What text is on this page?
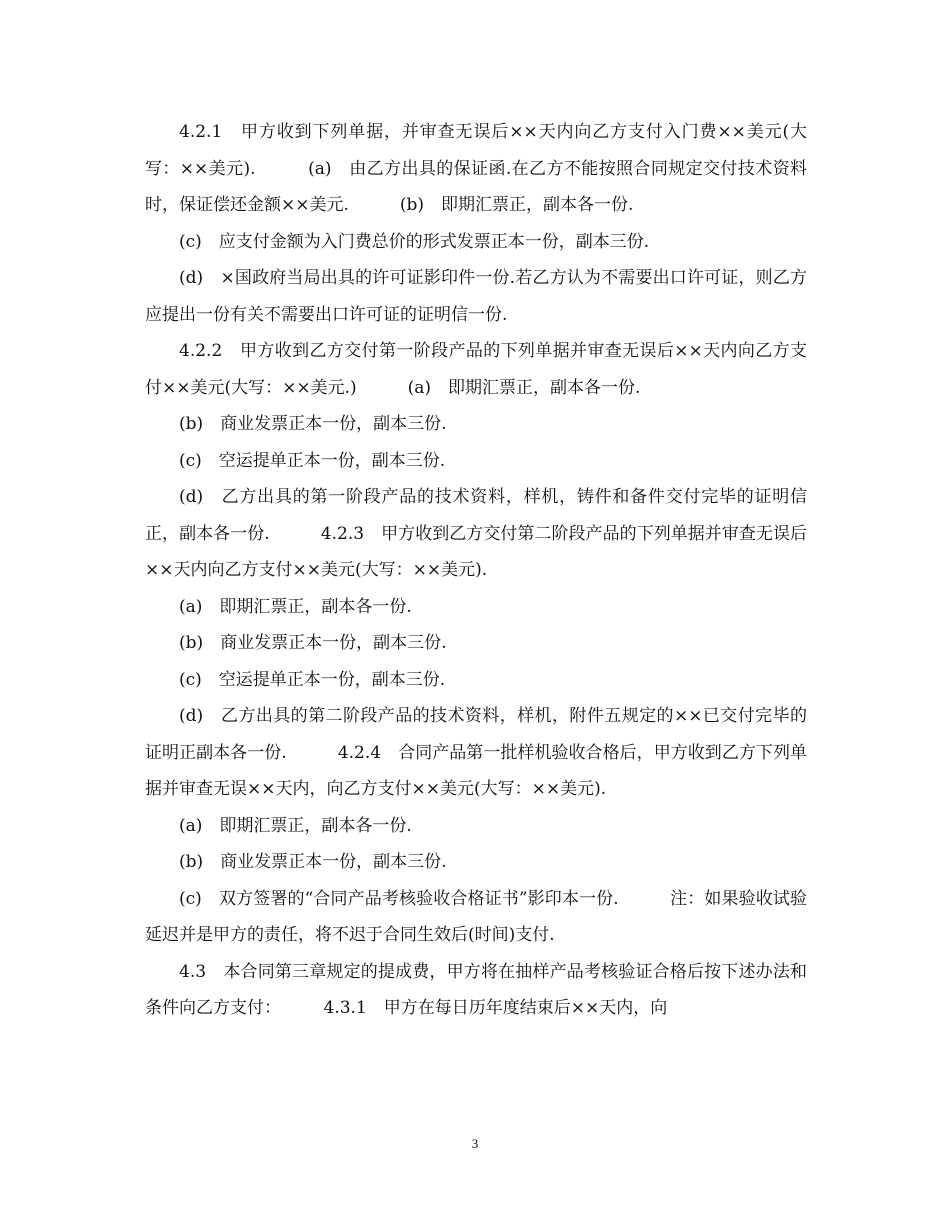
4.2.1　甲方收到下列单据，并审查无误后××天内向乙方支付入门费××美元(大写：××美元).　　　(a)　由乙方出具的保证函.在乙方不能按照合同规定交付技术资料时，保证偿还金额××美元.　　　(b)　即期汇票正，副本各一份.

(c)　应支付金额为入门费总价的形式发票正本一份，副本三份.

(d)　×国政府当局出具的许可证影印件一份.若乙方认为不需要出口许可证，则乙方应提出一份有关不需要出口许可证的证明信一份.

4.2.2　甲方收到乙方交付第一阶段产品的下列单据并审查无误后××天内向乙方支付××美元(大写：××美元.)　　　(a)　即期汇票正，副本各一份.

(b)　商业发票正本一份，副本三份.

(c)　空运提单正本一份，副本三份.

(d)　乙方出具的第一阶段产品的技术资料，样机，铸件和备件交付完毕的证明信正，副本各一份.　　　4.2.3　甲方收到乙方交付第二阶段产品的下列单据并审查无误后××天内向乙方支付××美元(大写：××美元).

(a)　即期汇票正，副本各一份.

(b)　商业发票正本一份，副本三份.

(c)　空运提单正本一份，副本三份.

(d)　乙方出具的第二阶段产品的技术资料，样机，附件五规定的××已交付完毕的证明正副本各一份.　　　4.2.4　合同产品第一批样机验收合格后，甲方收到乙方下列单据并审查无误××天内，向乙方支付××美元(大写：××美元).

(a)　即期汇票正，副本各一份.

(b)　商业发票正本一份，副本三份.

(c)　双方签署的“合同产品考核验收合格证书”影印本一份.　　　注：如果验收试验延迟并是甲方的责任，将不迟于合同生效后(时间)支付.

4.3　本合同第三章规定的提成费，甲方将在抽样产品考核验证合格后按下述办法和条件向乙方支付：　　　4.3.1　甲方在每日历年度结束后××天内，向

3
